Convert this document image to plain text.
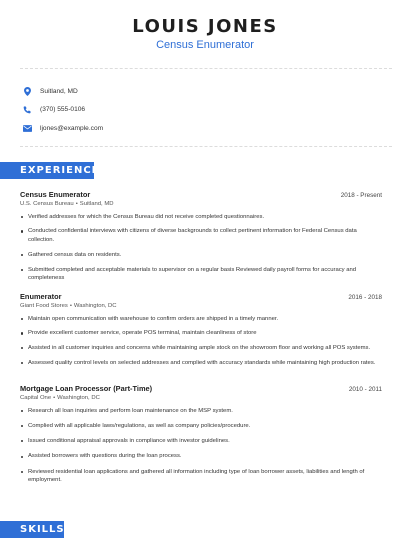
LOUIS JONES
Census Enumerator
Suitland, MD
(370) 555-0106
ljones@example.com
EXPERIENCE
Census Enumerator	2018 - Present
U.S. Census Bureau • Suitland, MD
Verified addresses for which the Census Bureau did not receive completed questionnaires.
Conducted confidential interviews with citizens of diverse backgrounds to collect pertinent information for Federal Census data collection.
Gathered census data on residents.
Submitted completed and acceptable materials to supervisor on a regular basis Reviewed daily payroll forms for accuracy and completeness
Enumerator	2016 - 2018
Giant Food Stores • Washington, DC
Maintain open communication with warehouse to confirm orders are shipped in a timely manner.
Provide excellent customer service, operate POS terminal, maintain cleanliness of store
Assisted in all customer inquiries and concerns while maintaining ample stock on the showroom floor and working all POS systems.
Assessed quality control levels on selected addresses and complied with accuracy standards while maintaining high production rates.
Mortgage Loan Processor (Part-Time)	2010 - 2011
Capital One • Washington, DC
Research all loan inquiries and perform loan maintenance on the MSP system.
Complied with all applicable laws/regulations, as well as company policies/procedure.
Issued conditional appraisal approvals in compliance with investor guidelines.
Assisted borrowers with questions during the loan process.
Reviewed residential loan applications and gathered all information including type of loan borrower assets, liabilities and length of employment.
SKILLS
